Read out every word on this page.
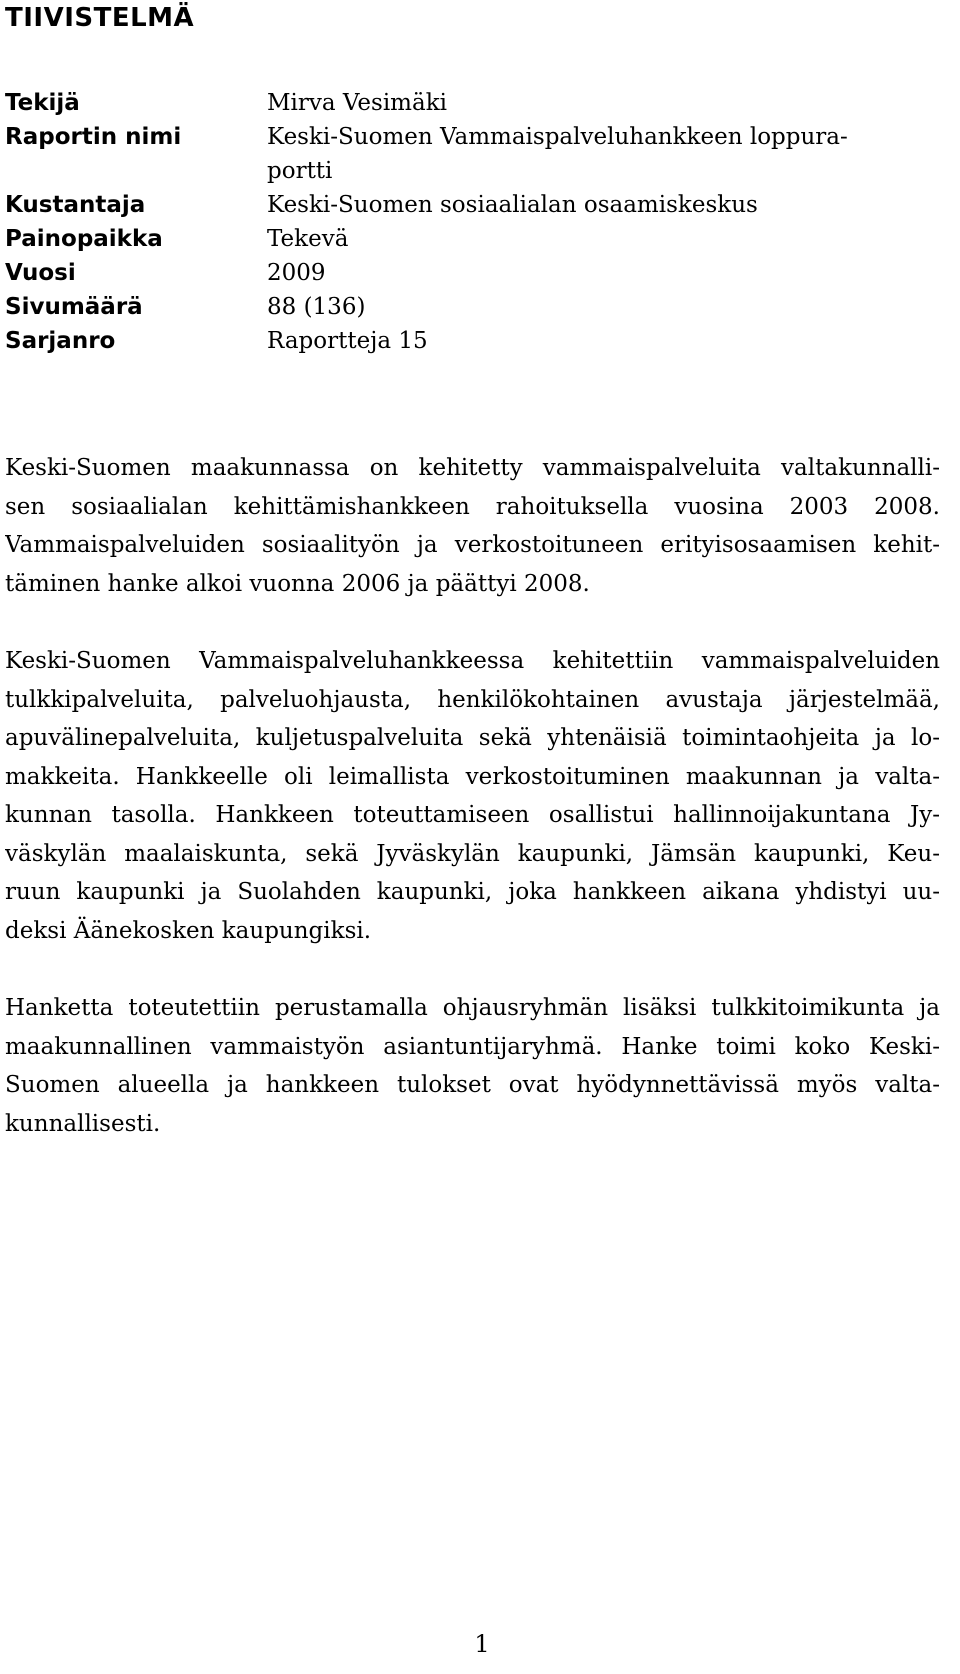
TIIVISTELMÄ
Tekijä	Mirva Vesimäki
Raportin nimi	Keski-Suomen Vammaispalveluhankkeen loppura-
portti
Kustantaja	Keski-Suomen sosiaalialan osaamiskeskus
Painopaikka	Tekevä
Vuosi	2009
Sivumäärä	88 (136)
Sarjanro	Raportteja 15
Keski-Suomen maakunnassa on kehitetty vammaispalveluita valtakunnalli-
sen sosiaalialan kehittämishankkeen rahoituksella vuosina 2003 2008.
Vammaispalveluiden sosiaalityön ja verkostoituneen erityisosaamisen kehit-
täminen hanke alkoi vuonna 2006 ja päättyi 2008.
Keski-Suomen Vammaispalveluhankkeessa kehitettiin vammaispalveluiden
tulkkipalveluita, palveluohjausta, henkilökohtainen avustaja järjestelmää,
apuvälinepalveluita, kuljetuspalveluita sekä yhtenäisiä toimintaohjeita ja lo-
makkeita. Hankkeelle oli leimallista verkostoituminen maakunnan ja valta-
kunnan tasolla. Hankkeen toteuttamiseen osallistui hallinnoijakuntana Jy-
väskylän maalaiskunta, sekä Jyväskylän kaupunki, Jämsän kaupunki, Keu-
ruun kaupunki ja Suolahden kaupunki, joka hankkeen aikana yhdistyi uu-
deksi Äänekosken kaupungiksi.
Hanketta toteutettiin perustamalla ohjausryhmän lisäksi tulkkitoimikunta ja
maakunnallinen vammaistyön asiantuntijaryhmä. Hanke toimi koko Keski-
Suomen alueella ja hankkeen tulokset ovat hyödynnettävissä myös valta-
kunnallisesti.
1
